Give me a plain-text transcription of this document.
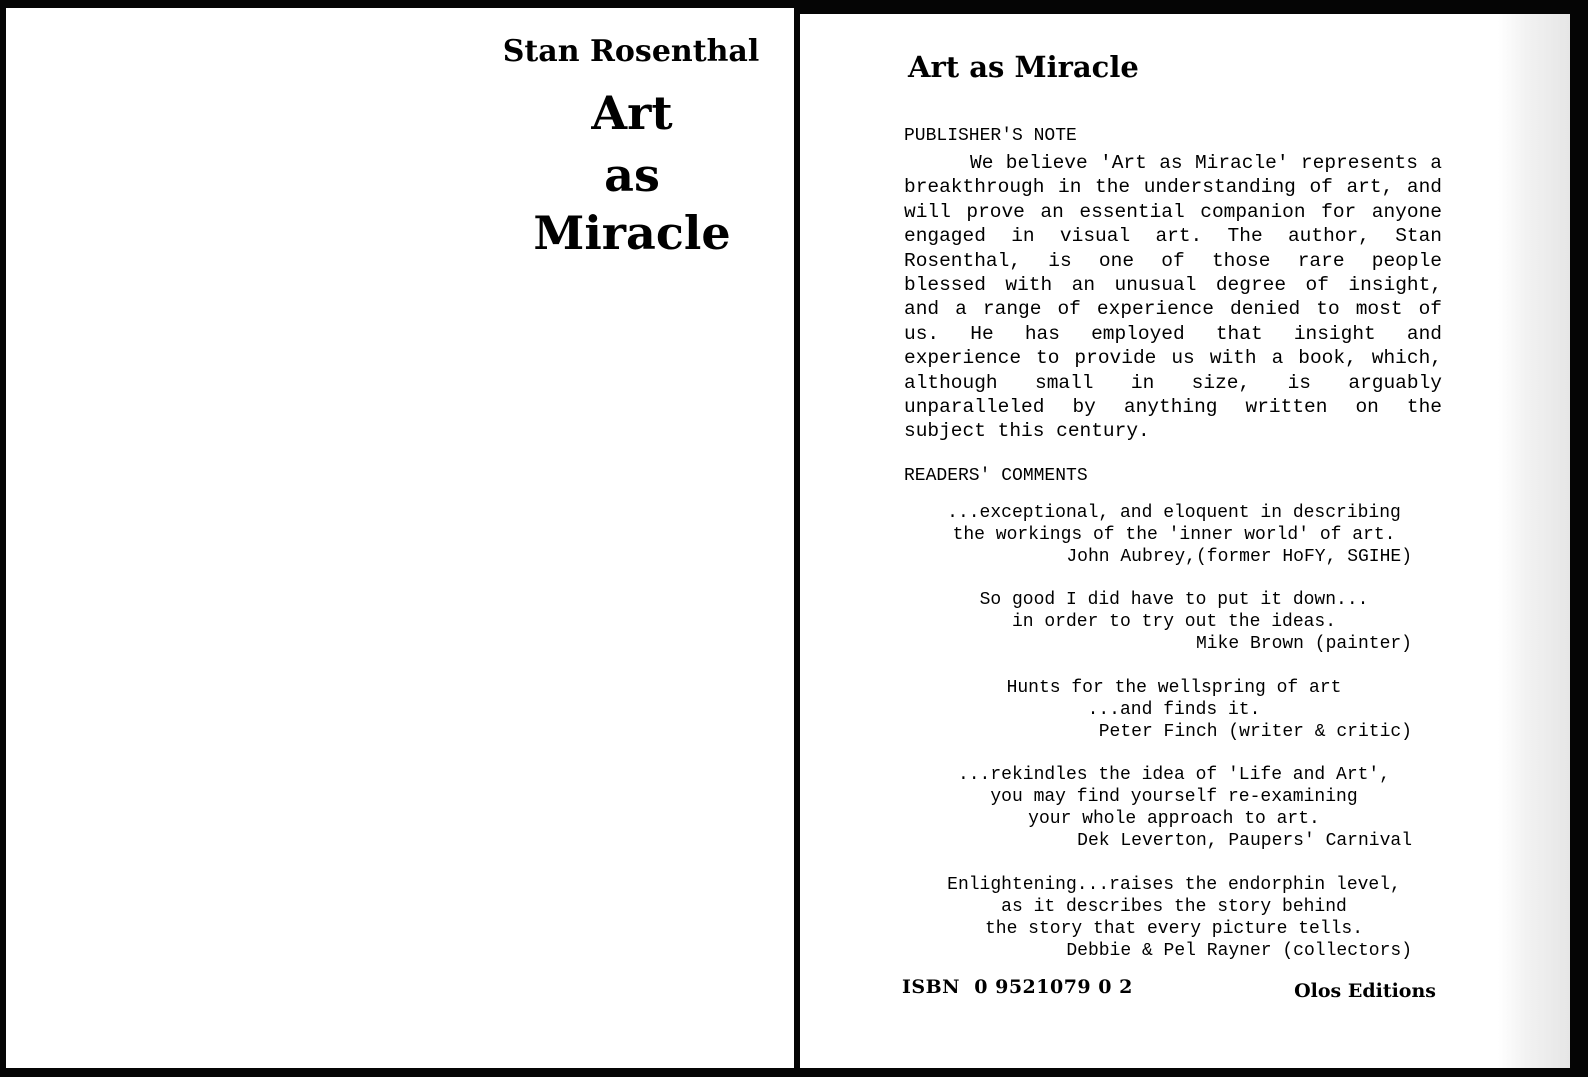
Stan Rosenthal
Art
as
Miracle
Art as Miracle
PUBLISHER'S NOTE

We believe 'Art as Miracle' represents a breakthrough in the understanding of art, and will prove an essential companion for anyone engaged in visual art. The author, Stan Rosenthal, is one of those rare people blessed with an unusual degree of insight, and a range of experience denied to most of us. He has employed that insight and experience to provide us with a book, which, although small in size, is arguably unparalleled by anything written on the subject this century.

READERS' COMMENTS
...exceptional, and eloquent in describing
the workings of the 'inner world' of art.
John Aubrey,(former HoFY, SGIHE)
So good I did have to put it down...
in order to try out the ideas.
Mike Brown (painter)
Hunts for the wellspring of art
...and finds it.
Peter Finch (writer & critic)
...rekindles the idea of 'Life and Art',
you may find yourself re-examining
your whole approach to art.
Dek Leverton, Paupers' Carnival
Enlightening...raises the endorphin level,
as it describes the story behind
the story that every picture tells.
Debbie & Pel Rayner (collectors)
ISBN  0 9521079 0 2	Olos Editions
